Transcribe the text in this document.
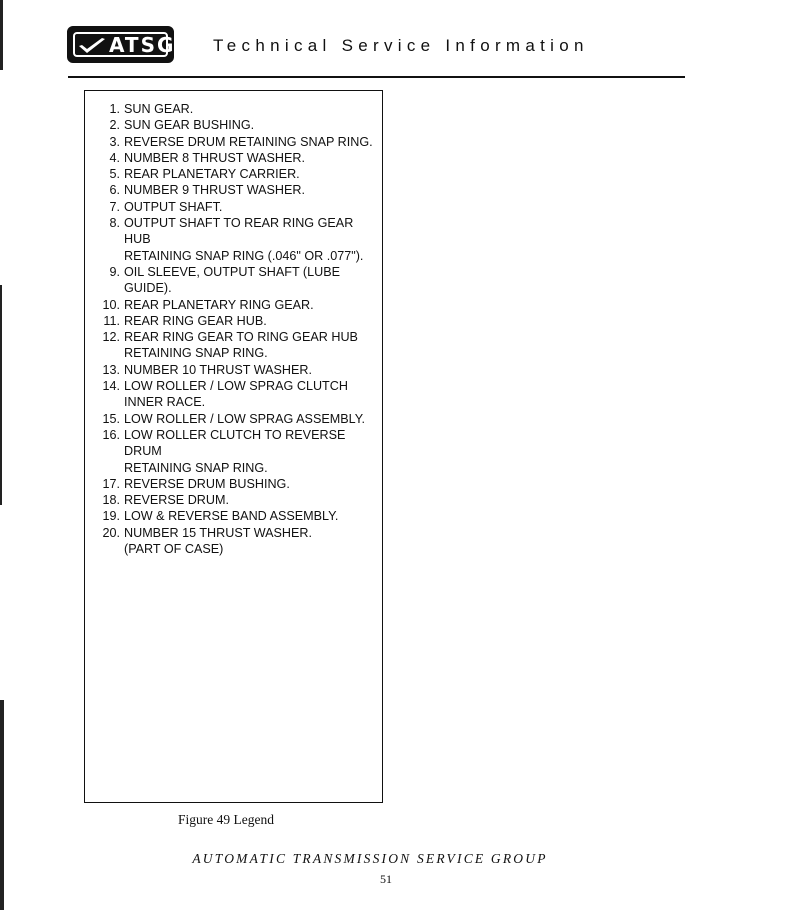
ATSG Technical Service Information
1. SUN GEAR.
2. SUN GEAR BUSHING.
3. REVERSE DRUM RETAINING SNAP RING.
4. NUMBER 8 THRUST WASHER.
5. REAR PLANETARY CARRIER.
6. NUMBER 9 THRUST WASHER.
7. OUTPUT SHAFT.
8. OUTPUT SHAFT TO REAR RING GEAR HUB
RETAINING SNAP RING (.046" OR .077").
9. OIL SLEEVE, OUTPUT SHAFT (LUBE GUIDE).
10. REAR PLANETARY RING GEAR.
11. REAR RING GEAR HUB.
12. REAR RING GEAR TO RING GEAR HUB
RETAINING SNAP RING.
13. NUMBER 10 THRUST WASHER.
14. LOW ROLLER / LOW SPRAG CLUTCH
INNER RACE.
15. LOW ROLLER / LOW SPRAG ASSEMBLY.
16. LOW ROLLER CLUTCH TO REVERSE DRUM
RETAINING SNAP RING.
17. REVERSE DRUM BUSHING.
18. REVERSE DRUM.
19. LOW & REVERSE BAND ASSEMBLY.
20. NUMBER 15 THRUST WASHER.
(PART OF CASE)
Figure 49 Legend
AUTOMATIC TRANSMISSION SERVICE GROUP
51
